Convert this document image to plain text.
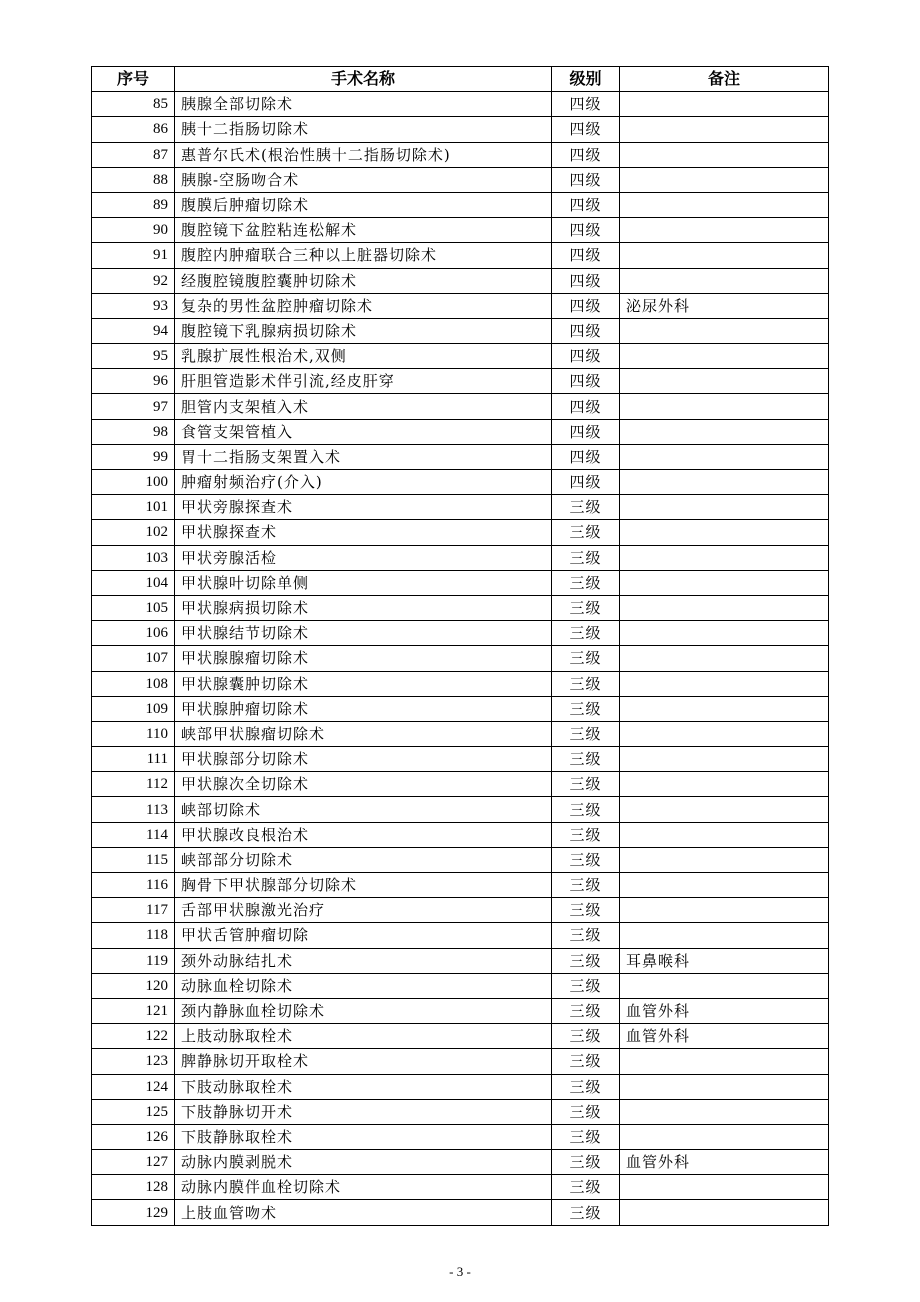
序号	手术名称	级别	备注
85	胰腺全部切除术	四级	
86	胰十二指肠切除术	四级	
87	惠普尔氏术(根治性胰十二指肠切除术)	四级	
88	胰腺-空肠吻合术	四级	
89	腹膜后肿瘤切除术	四级	
90	腹腔镜下盆腔粘连松解术	四级	
91	腹腔内肿瘤联合三种以上脏器切除术	四级	
92	经腹腔镜腹腔囊肿切除术	四级	
93	复杂的男性盆腔肿瘤切除术	四级	泌尿外科
94	腹腔镜下乳腺病损切除术	四级	
95	乳腺扩展性根治术,双侧	四级	
96	肝胆管造影术伴引流,经皮肝穿	四级	
97	胆管内支架植入术	四级	
98	食管支架管植入	四级	
99	胃十二指肠支架置入术	四级	
100	肿瘤射频治疗(介入)	四级	
101	甲状旁腺探查术	三级	
102	甲状腺探查术	三级	
103	甲状旁腺活检	三级	
104	甲状腺叶切除单侧	三级	
105	甲状腺病损切除术	三级	
106	甲状腺结节切除术	三级	
107	甲状腺腺瘤切除术	三级	
108	甲状腺囊肿切除术	三级	
109	甲状腺肿瘤切除术	三级	
110	峡部甲状腺瘤切除术	三级	
111	甲状腺部分切除术	三级	
112	甲状腺次全切除术	三级	
113	峡部切除术	三级	
114	甲状腺改良根治术	三级	
115	峡部部分切除术	三级	
116	胸骨下甲状腺部分切除术	三级	
117	舌部甲状腺激光治疗	三级	
118	甲状舌管肿瘤切除	三级	
119	颈外动脉结扎术	三级	耳鼻喉科
120	动脉血栓切除术	三级	
121	颈内静脉血栓切除术	三级	血管外科
122	上肢动脉取栓术	三级	血管外科
123	脾静脉切开取栓术	三级	
124	下肢动脉取栓术	三级	
125	下肢静脉切开术	三级	
126	下肢静脉取栓术	三级	
127	动脉内膜剥脱术	三级	血管外科
128	动脉内膜伴血栓切除术	三级	
129	上肢血管吻术	三级	
- 3 -
